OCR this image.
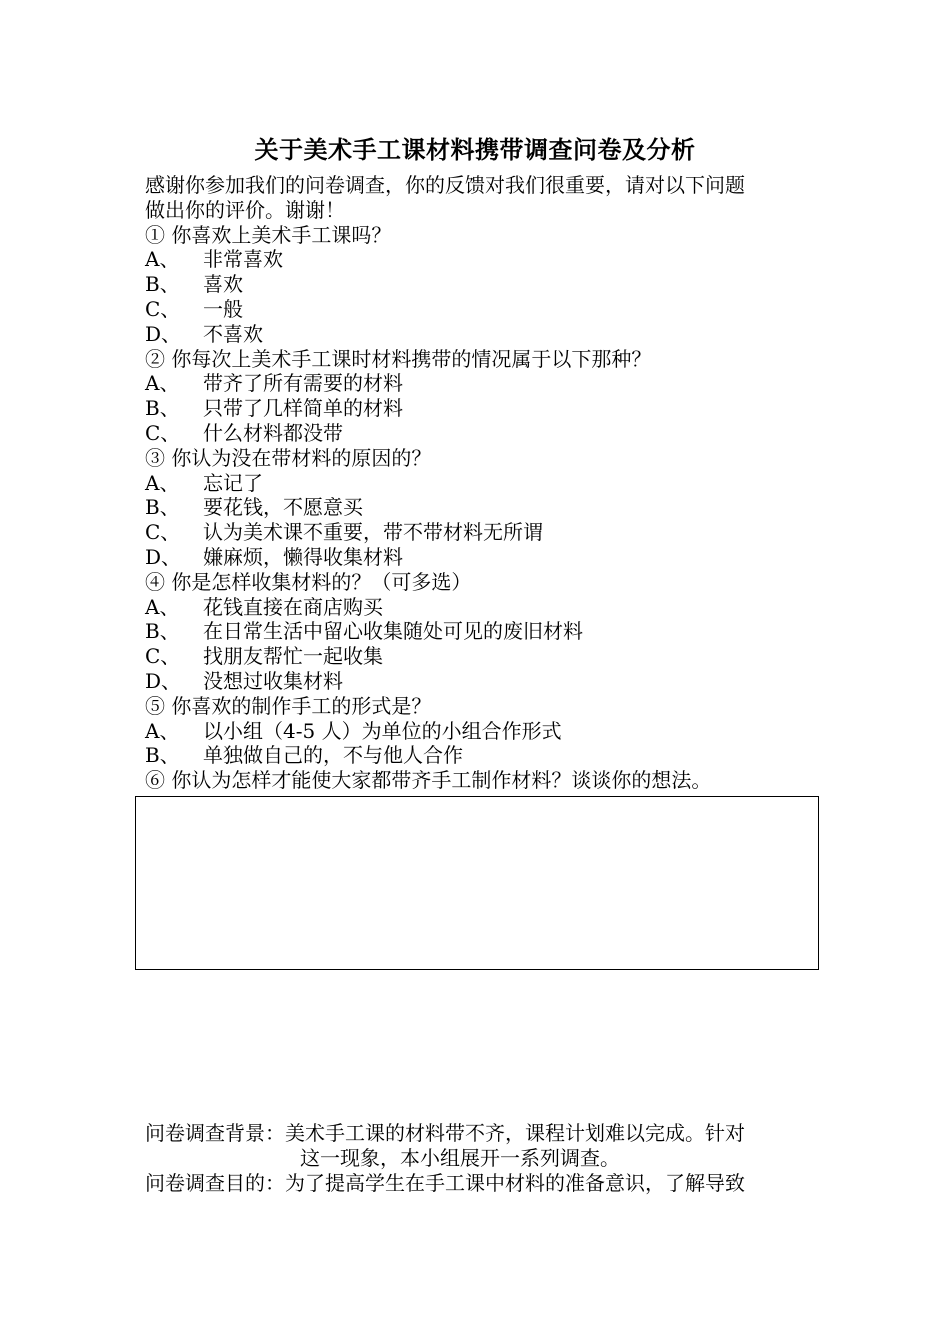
关于美术手工课材料携带调查问卷及分析

感谢你参加我们的问卷调查，你的反馈对我们很重要，请对以下问题

做出你的评价。谢谢！

① 你喜欢上美术手工课吗？

A、 非常喜欢

B、 喜欢

C、 一般

D、 不喜欢

② 你每次上美术手工课时材料携带的情况属于以下那种？

A、 带齐了所有需要的材料

B、 只带了几样简单的材料

C、 什么材料都没带

③ 你认为没在带材料的原因的？

A、 忘记了

B、 要花钱，不愿意买

C、 认为美术课不重要，带不带材料无所谓

D、 嫌麻烦，懒得收集材料

④ 你是怎样收集材料的？（可多选）

A、 花钱直接在商店购买

B、 在日常生活中留心收集随处可见的废旧材料

C、 找朋友帮忙一起收集

D、 没想过收集材料

⑤ 你喜欢的制作手工的形式是？

A、 以小组（4-5 人）为单位的小组合作形式

B、 单独做自己的，不与他人合作

⑥ 你认为怎样才能使大家都带齐手工制作材料？谈谈你的想法。

问卷调查背景：美术手工课的材料带不齐，课程计划难以完成。针对

这一现象，本小组展开一系列调查。

问卷调查目的：为了提高学生在手工课中材料的准备意识，了解导致
